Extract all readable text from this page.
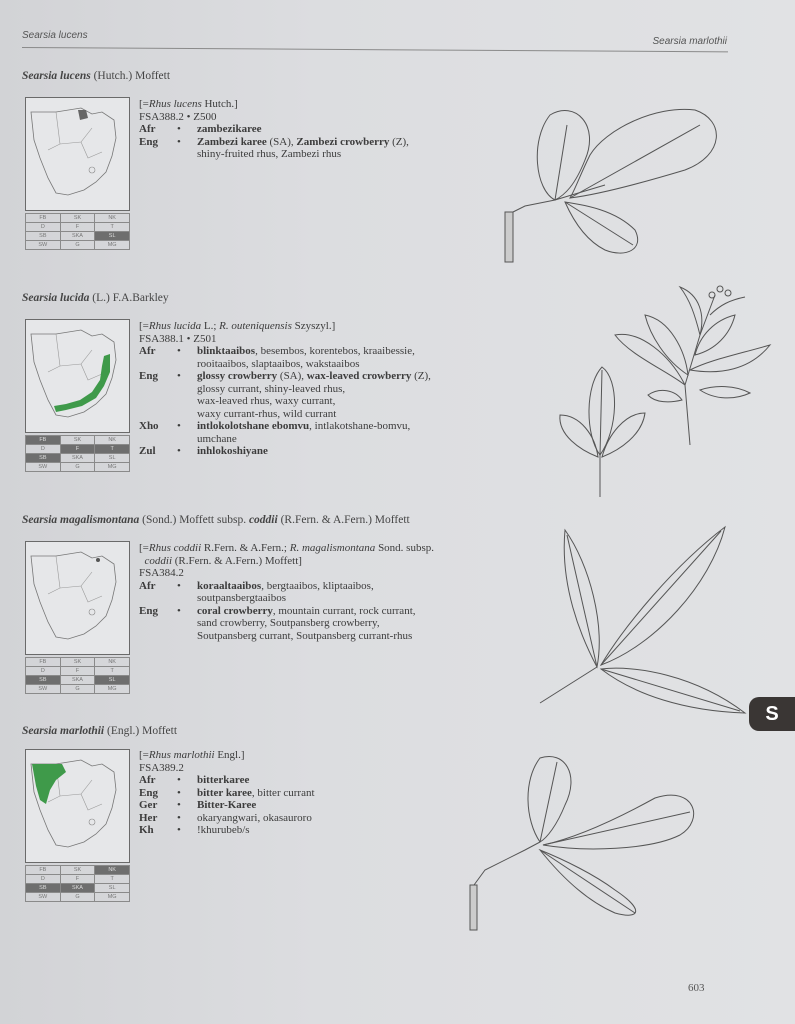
Searsia lucens
Searsia marlothii
Searsia lucens (Hutch.) Moffett
FB	SK	NK
D	F	T
SB	SKA	SL
SW	G	MG
[=Rhus lucens Hutch.]
FSA388.2 • Z500
Afr	•	zambezikaree
Eng	•	Zambezi karee (SA), Zambezi crowberry (Z),
shiny-fruited rhus, Zambezi rhus
Searsia lucida (L.) F.A.Barkley
FB	SK	NK
D	F	T
SB	SKA	SL
SW	G	MG
[=Rhus lucida L.; R. outeniquensis Szyszyl.]
FSA388.1 • Z501
Afr	•	blinktaaibos, besembos, korentebos, kraaibessie,
rooitaaibos, slaptaaibos, wakstaaibos
Eng	•	glossy crowberry (SA), wax-leaved crowberry (Z),
glossy currant, shiny-leaved rhus,
wax-leaved rhus, waxy currant,
waxy currant-rhus, wild currant
Xho	•	intlokolotshane ebomvu, intlakotshane-bomvu,
umchane
Zul	•	inhlokoshiyane
Searsia magalismontana (Sond.) Moffett subsp. coddii (R.Fern. & A.Fern.) Moffett
FB	SK	NK
D	F	T
SB	SKA	SL
SW	G	MG
[=Rhus coddii R.Fern. & A.Fern.; R. magalismontana Sond. subsp.
coddii (R.Fern. & A.Fern.) Moffett]
FSA384.2
Afr	•	koraaltaaibos, bergtaaibos, kliptaaibos,
soutpansbergtaaibos
Eng	•	coral crowberry, mountain currant, rock currant,
sand crowberry, Soutpansberg crowberry,
Soutpansberg currant, Soutpansberg currant-rhus
Searsia marlothii (Engl.) Moffett
FB	SK	NK
D	F	T
SB	SKA	SL
SW	G	MG
[=Rhus marlothii Engl.]
FSA389.2
Afr	•	bitterkaree
Eng	•	bitter karee, bitter currant
Ger	•	Bitter-Karee
Her	•	okaryangwari, okasauroro
Kh	•	!khurubeb/s
S
603
